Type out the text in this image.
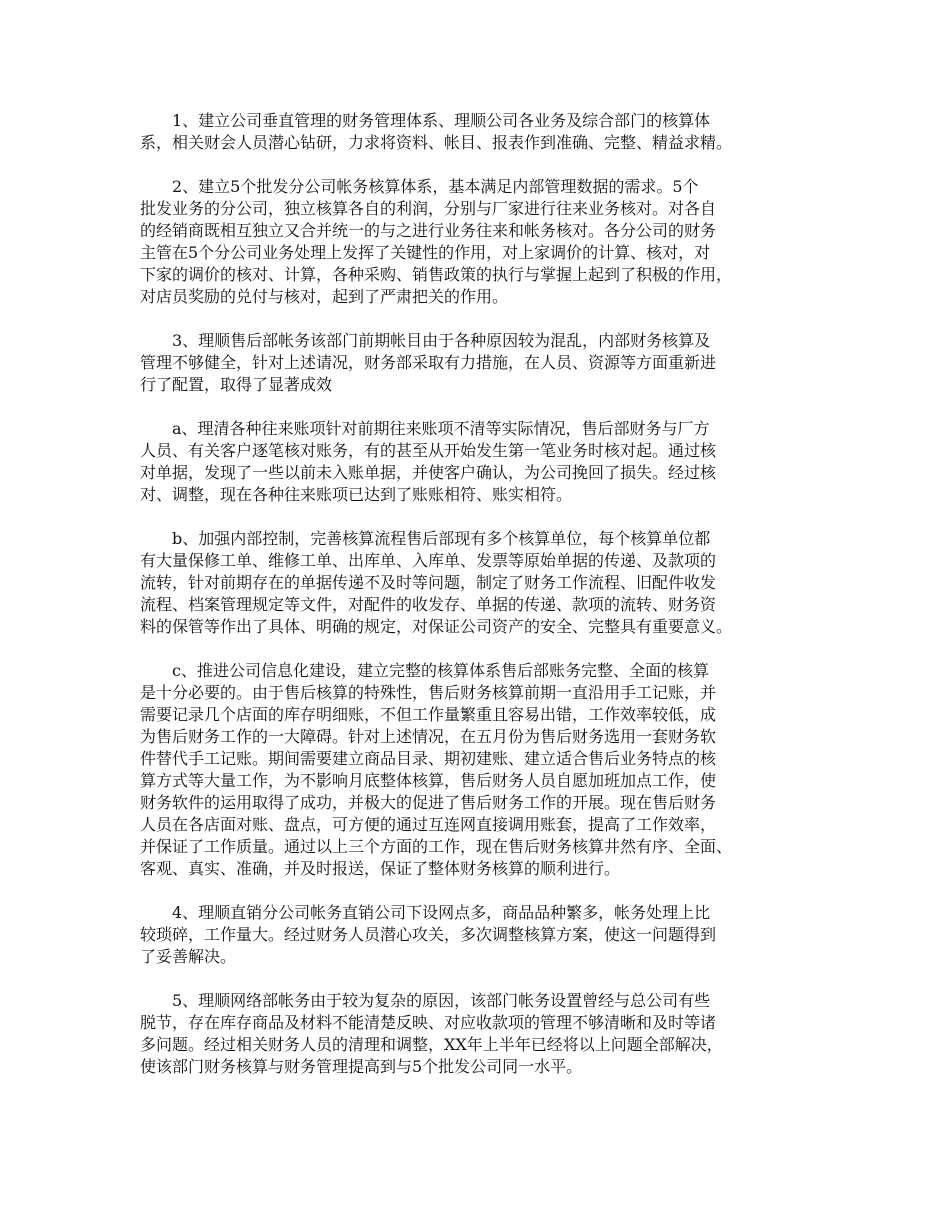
1、建立公司垂直管理的财务管理体系、理顺公司各业务及综合部门的核算体
系，相关财会人员潜心钻研，力求将资料、帐目、报表作到准确、完整、精益求精。

2、建立5个批发分公司帐务核算体系，基本满足内部管理数据的需求。5个
批发业务的分公司，独立核算各自的利润，分别与厂家进行往来业务核对。对各自
的经销商既相互独立又合并统一的与之进行业务往来和帐务核对。各分公司的财务
主管在5个分公司业务处理上发挥了关键性的作用，对上家调价的计算、核对，对
下家的调价的核对、计算，各种采购、销售政策的执行与掌握上起到了积极的作用，
对店员奖励的兑付与核对，起到了严肃把关的作用。

3、理顺售后部帐务该部门前期帐目由于各种原因较为混乱，内部财务核算及
管理不够健全，针对上述请况，财务部采取有力措施，在人员、资源等方面重新进
行了配置，取得了显著成效

a、理清各种往来账项针对前期往来账项不清等实际情况，售后部财务与厂方
人员、有关客户逐笔核对账务，有的甚至从开始发生第一笔业务时核对起。通过核
对单据，发现了一些以前未入账单据，并使客户确认，为公司挽回了损失。经过核
对、调整，现在各种往来账项已达到了账账相符、账实相符。

b、加强内部控制，完善核算流程售后部现有多个核算单位，每个核算单位都
有大量保修工单、维修工单、出库单、入库单、发票等原始单据的传递、及款项的
流转，针对前期存在的单据传递不及时等问题，制定了财务工作流程、旧配件收发
流程、档案管理规定等文件，对配件的收发存、单据的传递、款项的流转、财务资
料的保管等作出了具体、明确的规定，对保证公司资产的安全、完整具有重要意义。

c、推进公司信息化建设，建立完整的核算体系售后部账务完整、全面的核算
是十分必要的。由于售后核算的特殊性，售后财务核算前期一直沿用手工记账，并
需要记录几个店面的库存明细账，不但工作量繁重且容易出错，工作效率较低，成
为售后财务工作的一大障碍。针对上述情况，在五月份为售后财务选用一套财务软
件替代手工记账。期间需要建立商品目录、期初建账、建立适合售后业务特点的核
算方式等大量工作，为不影响月底整体核算，售后财务人员自愿加班加点工作，使
财务软件的运用取得了成功，并极大的促进了售后财务工作的开展。现在售后财务
人员在各店面对账、盘点，可方便的通过互连网直接调用账套，提高了工作效率，
并保证了工作质量。通过以上三个方面的工作，现在售后财务核算井然有序、全面、
客观、真实、准确，并及时报送，保证了整体财务核算的顺利进行。

4、理顺直销分公司帐务直销公司下设网点多，商品品种繁多，帐务处理上比
较琐碎，工作量大。经过财务人员潜心攻关，多次调整核算方案，使这一问题得到
了妥善解决。

5、理顺网络部帐务由于较为复杂的原因，该部门帐务设置曾经与总公司有些
脱节，存在库存商品及材料不能清楚反映、对应收款项的管理不够清晰和及时等诸
多问题。经过相关财务人员的清理和调整，XX年上半年已经将以上问题全部解决，
使该部门财务核算与财务管理提高到与5个批发公司同一水平。
